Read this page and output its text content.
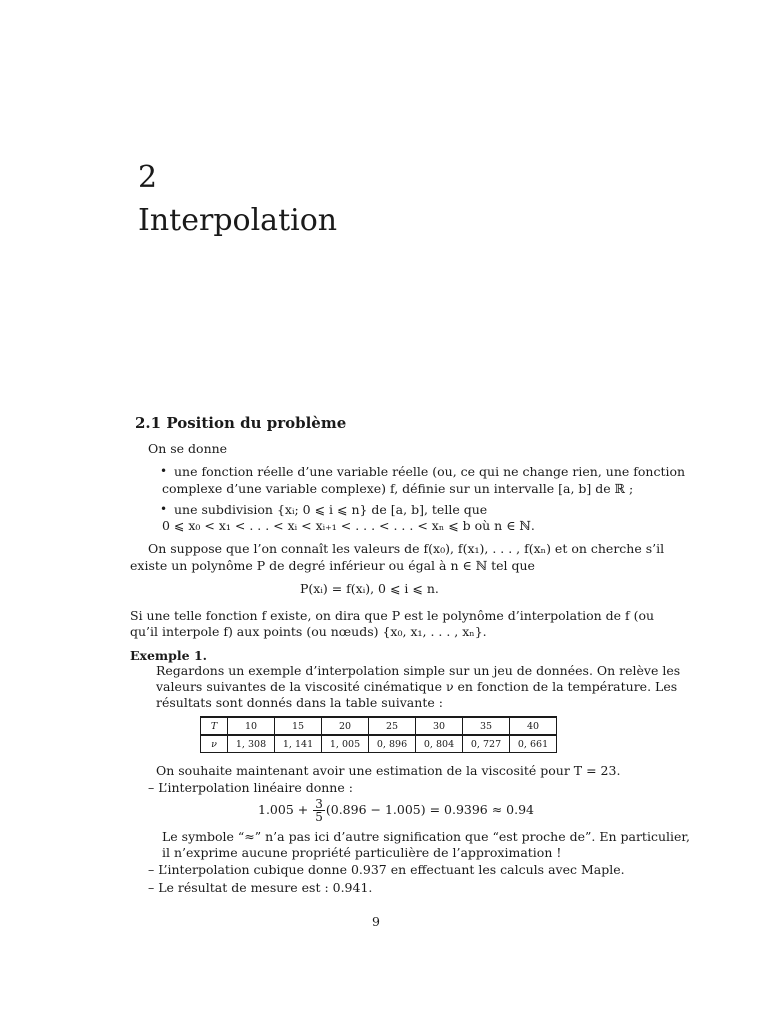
2
Interpolation
2.1 Position du problème
On se donne
• une fonction réelle d’une variable réelle (ou, ce qui ne change rien, une fonction
complexe d’une variable complexe) f, définie sur un intervalle [a, b] de ℝ ;
• une subdivision {xᵢ; 0 ⩽ i ⩽ n} de [a, b], telle que
0 ⩽ x₀ < x₁ < . . . < xᵢ < xᵢ₊₁ < . . . < . . . < xₙ ⩽ b où n ∈ ℕ.
On suppose que l’on connaît les valeurs de f(x₀), f(x₁), . . . , f(xₙ) et on cherche s’il
existe un polynôme P de degré inférieur ou égal à n ∈ ℕ tel que
P(xᵢ) = f(xᵢ), 0 ⩽ i ⩽ n.
Si une telle fonction f existe, on dira que P est le polynôme d’interpolation de f (ou
qu’il interpole f) aux points (ou nœuds) {x₀, x₁, . . . , xₙ}.
Exemple 1.
Regardons un exemple d’interpolation simple sur un jeu de données. On relève les
valeurs suivantes de la viscosité cinématique ν en fonction de la température. Les
résultats sont donnés dans la table suivante :
T	10	15	20	25	30	35	40
ν	1, 308	1, 141	1, 005	0, 896	0, 804	0, 727	0, 661
On souhaite maintenant avoir une estimation de la viscosité pour T = 23.
– L’interpolation linéaire donne :
$1.005 + \frac{3}{5} (0.896 - 1.005) = 0.9396 \approx 0.94$
Le symbole “≈” n’a pas ici d’autre signification que “est proche de”. En particulier,
il n’exprime aucune propriété particulière de l’approximation !
– L’interpolation cubique donne 0.937 en effectuant les calculs avec Maple.
– Le résultat de mesure est : 0.941.
9
